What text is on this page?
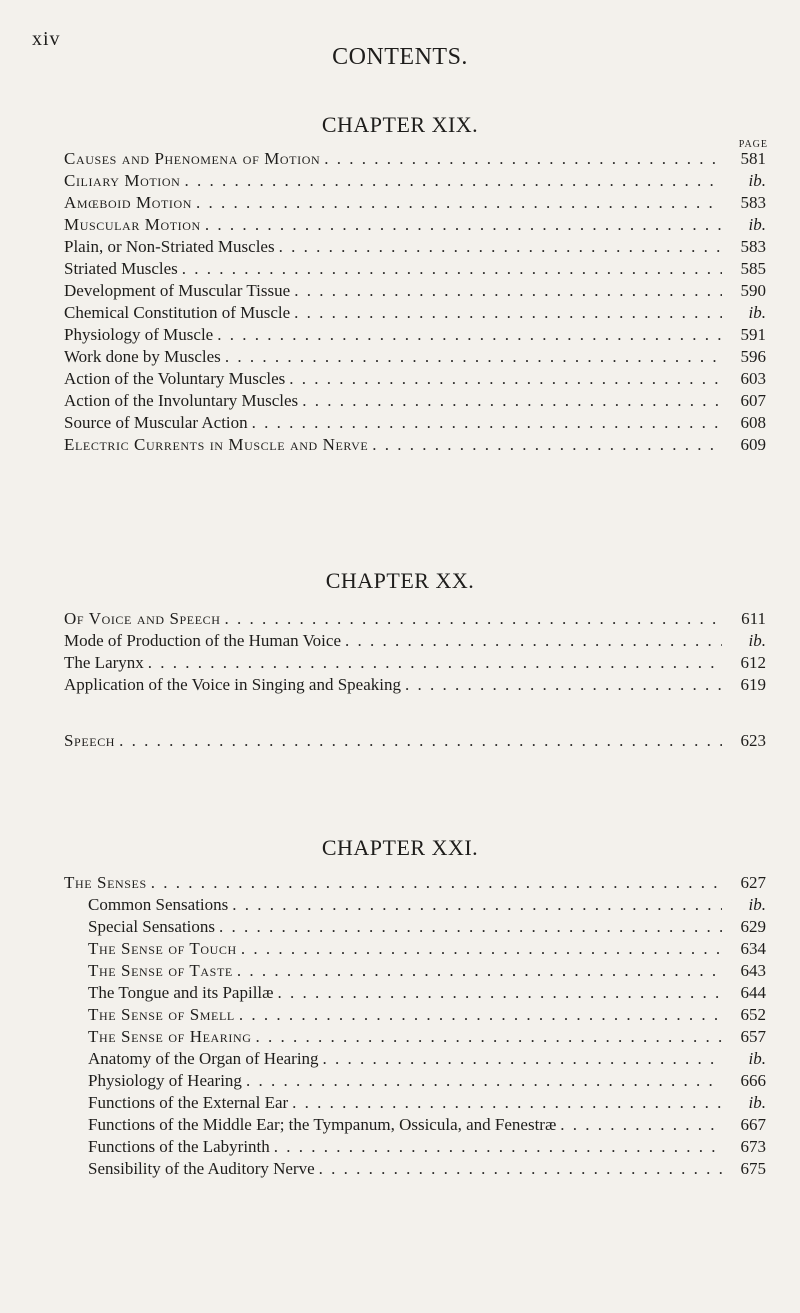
xiv
CONTENTS.
CHAPTER XIX.
PAGE
Causes and Phenomena of Motion . . .	581
Ciliary Motion . . .	ib.
Amœboid Motion . . .	583
Muscular Motion . . .	ib.
Plain, or Non-Striated Muscles . . .	583
Striated Muscles . . .	585
Development of Muscular Tissue . . .	590
Chemical Constitution of Muscle . . .	ib.
Physiology of Muscle . . .	591
Work done by Muscles . . .	596
Action of the Voluntary Muscles . . .	603
Action of the Involuntary Muscles . . .	607
Source of Muscular Action . . .	608
Electric Currents in Muscle and Nerve . . .	609
CHAPTER XX.
Of Voice and Speech . . .	611
Mode of Production of the Human Voice . . .	ib.
The Larynx . . .	612
Application of the Voice in Singing and Speaking . . .	619
Speech . . .	623
CHAPTER XXI.
The Senses . . .	627
Common Sensations . . .	ib.
Special Sensations . . .	629
The Sense of Touch . . .	634
The Sense of Taste . . .	643
The Tongue and its Papillæ . . .	644
The Sense of Smell . . .	652
The Sense of Hearing . . .	657
Anatomy of the Organ of Hearing . . .	ib.
Physiology of Hearing . . .	666
Functions of the External Ear . . .	ib.
Functions of the Middle Ear; the Tympanum, Ossicula, and Fenestræ . . .	667
Functions of the Labyrinth . . .	673
Sensibility of the Auditory Nerve . . .	675
